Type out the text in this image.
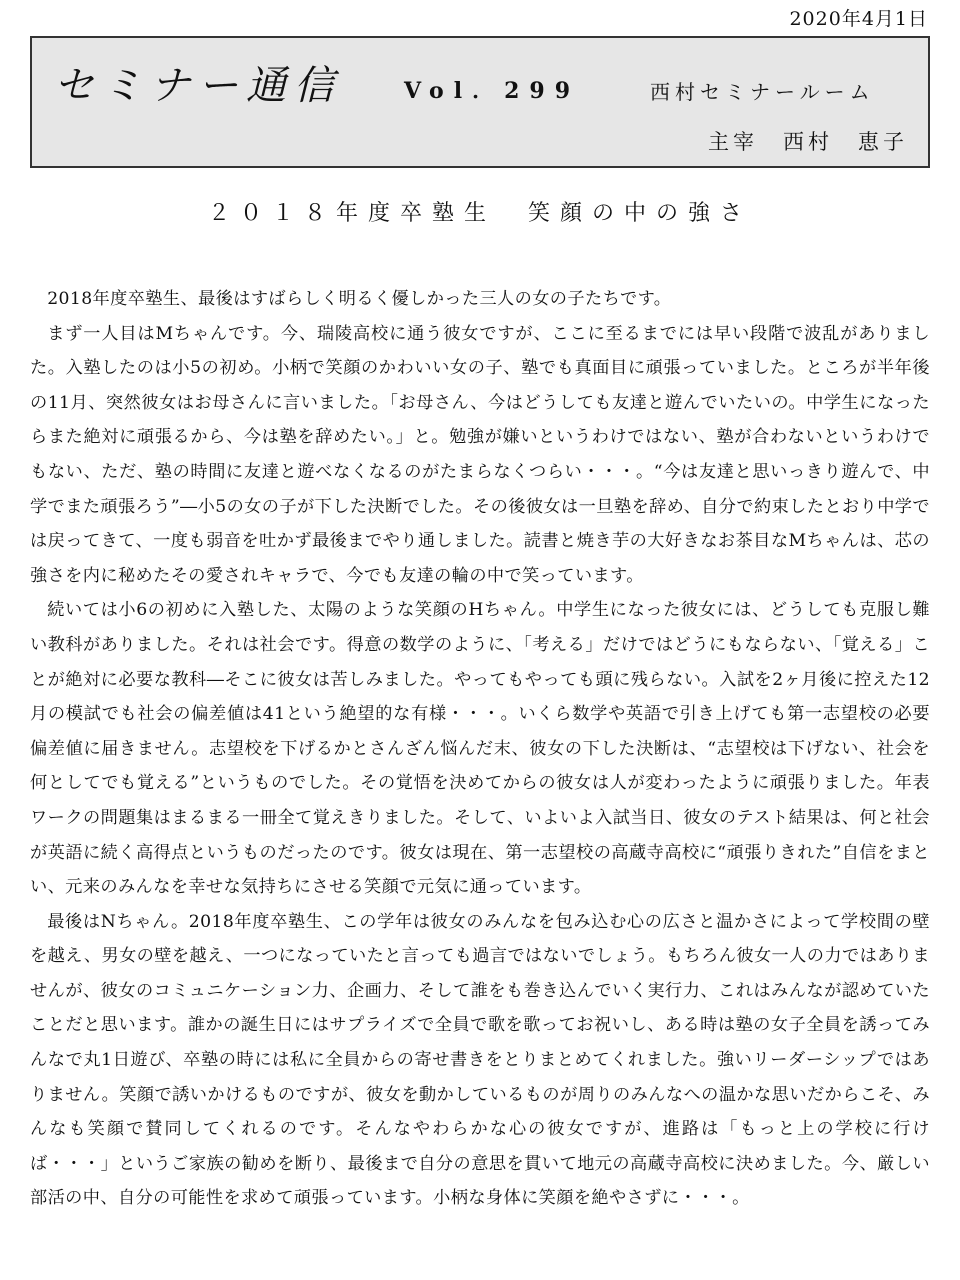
2020年4月1日
セミナー通信	Vol．299	西村セミナールーム
主宰　西村　恵子
２０１８年度卒塾生　笑顔の中の強さ

2018年度卒塾生、最後はすばらしく明るく優しかった三人の女の子たちです。

まず一人目はMちゃんです。今、瑞陵高校に通う彼女ですが、ここに至るまでには早い段階で波乱がありました。入塾したのは小5の初め。小柄で笑顔のかわいい女の子、塾でも真面目に頑張っていました。ところが半年後の11月、突然彼女はお母さんに言いました。「お母さん、今はどうしても友達と遊んでいたいの。中学生になったらまた絶対に頑張るから、今は塾を辞めたい。」と。勉強が嫌いというわけではない、塾が合わないというわけでもない、ただ、塾の時間に友達と遊べなくなるのがたまらなくつらい・・・。“今は友達と思いっきり遊んで、中学でまた頑張ろう”―小5の女の子が下した決断でした。その後彼女は一旦塾を辞め、自分で約束したとおり中学では戻ってきて、一度も弱音を吐かず最後までやり通しました。読書と焼き芋の大好きなお茶目なMちゃんは、芯の強さを内に秘めたその愛されキャラで、今でも友達の輪の中で笑っています。

続いては小6の初めに入塾した、太陽のような笑顔のHちゃん。中学生になった彼女には、どうしても克服し難い教科がありました。それは社会です。得意の数学のように、「考える」だけではどうにもならない、「覚える」ことが絶対に必要な教科―そこに彼女は苦しみました。やってもやっても頭に残らない。入試を2ヶ月後に控えた12月の模試でも社会の偏差値は41という絶望的な有様・・・。いくら数学や英語で引き上げても第一志望校の必要偏差値に届きません。志望校を下げるかとさんざん悩んだ末、彼女の下した決断は、“志望校は下げない、社会を何としてでも覚える”というものでした。その覚悟を決めてからの彼女は人が変わったように頑張りました。年表ワークの問題集はまるまる一冊全て覚えきりました。そして、いよいよ入試当日、彼女のテスト結果は、何と社会が英語に続く高得点というものだったのです。彼女は現在、第一志望校の高蔵寺高校に“頑張りきれた”自信をまとい、元来のみんなを幸せな気持ちにさせる笑顔で元気に通っています。

最後はNちゃん。2018年度卒塾生、この学年は彼女のみんなを包み込む心の広さと温かさによって学校間の壁を越え、男女の壁を越え、一つになっていたと言っても過言ではないでしょう。もちろん彼女一人の力ではありませんが、彼女のコミュニケーション力、企画力、そして誰をも巻き込んでいく実行力、これはみんなが認めていたことだと思います。誰かの誕生日にはサプライズで全員で歌を歌ってお祝いし、ある時は塾の女子全員を誘ってみんなで丸1日遊び、卒塾の時には私に全員からの寄せ書きをとりまとめてくれました。強いリーダーシップではありません。笑顔で誘いかけるものですが、彼女を動かしているものが周りのみんなへの温かな思いだからこそ、みんなも笑顔で賛同してくれるのです。そんなやわらかな心の彼女ですが、進路は「もっと上の学校に行けば・・・」というご家族の勧めを断り、最後まで自分の意思を貫いて地元の高蔵寺高校に決めました。今、厳しい部活の中、自分の可能性を求めて頑張っています。小柄な身体に笑顔を絶やさずに・・・。
